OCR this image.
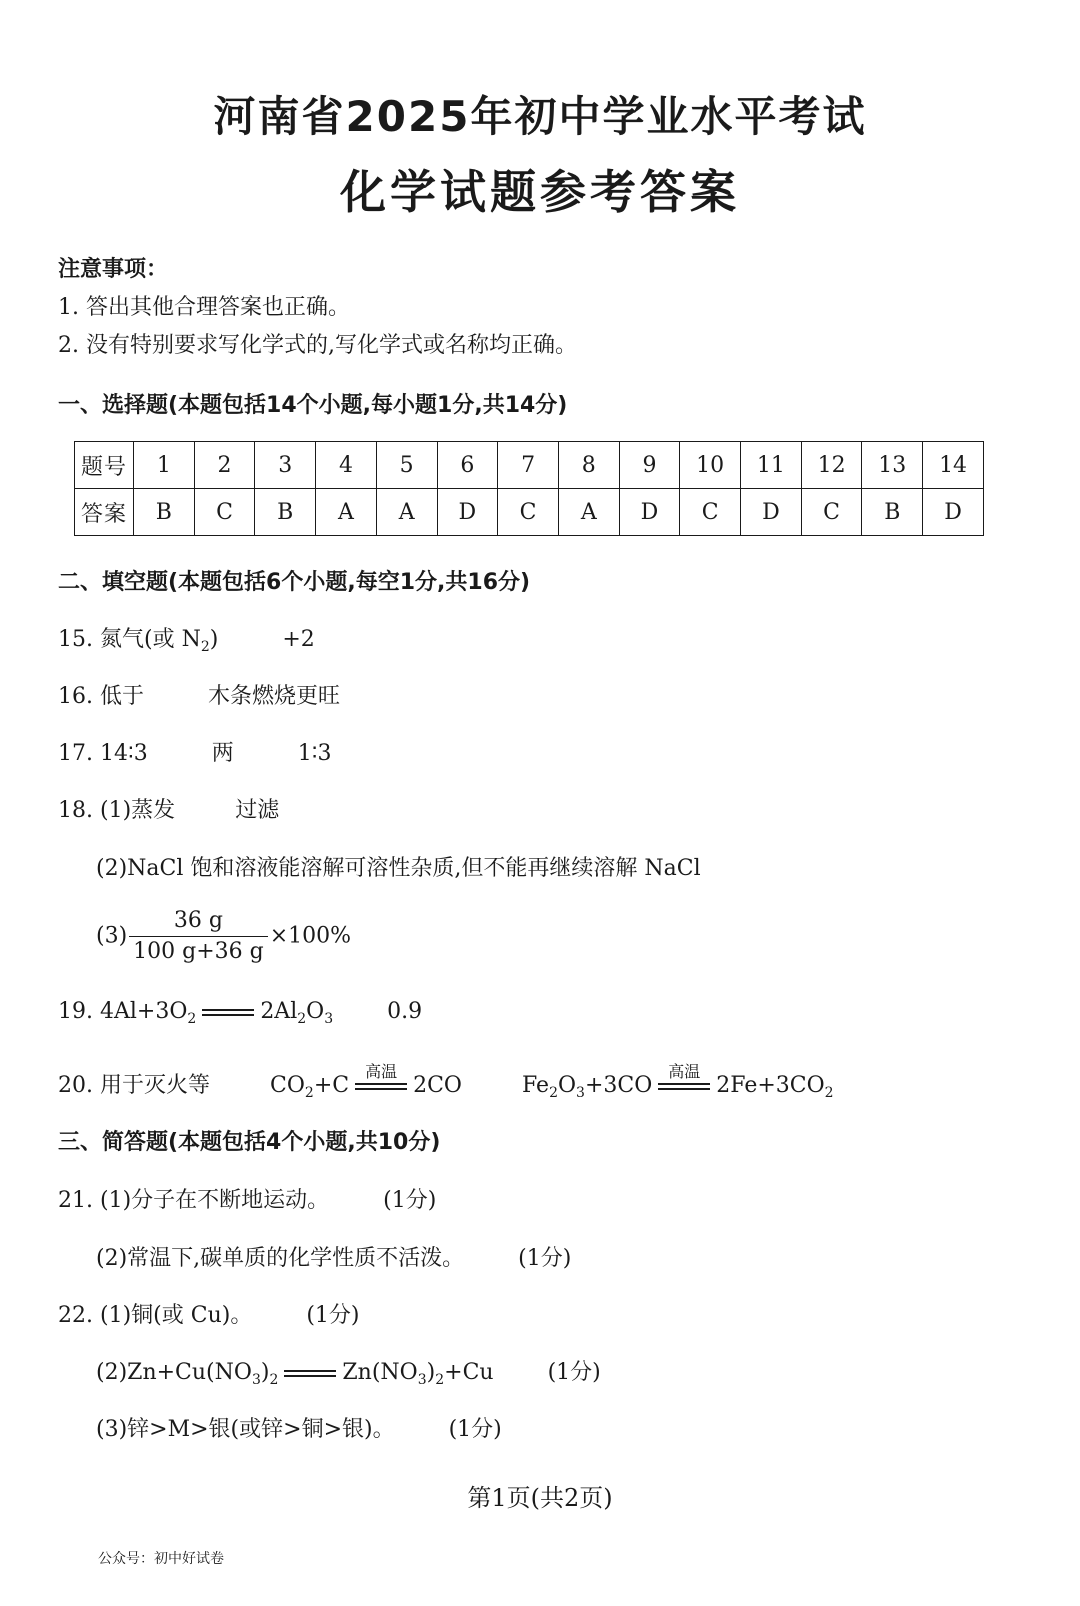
河南省2025年初中学业水平考试
化学试题参考答案
注意事项：
1. 答出其他合理答案也正确。
2. 没有特别要求写化学式的,写化学式或名称均正确。
一、选择题(本题包括14个小题,每小题1分,共14分)
题号	1	2	3	4	5	6	7	8	9	10	11	12	13	14
答案	B	C	B	A	A	D	C	A	D	C	D	C	B	D
二、填空题(本题包括6个小题,每空1分,共16分)
15. 氮气(或 $N_2$)	+2
16. 低于	木条燃烧更旺
17. 14∶3	两	1∶3
18. (1)蒸发	过滤
(2)NaCl 饱和溶液能溶解可溶性杂质,但不能再继续溶解 NaCl
$(3) \frac{36 g}{100 g+36 g} \times 100\%$
19. $4Al+3O_2$	$2Al_2O_3$ 0.9
20. 用于灭火等	$CO_2+C$
高温
2CO	$Fe_2O_3+3CO$
高温
$2Fe+3CO_2$
三、简答题(本题包括4个小题,共10分)
21. (1)分子在不断地运动。 (1分)
(2)常温下,碳单质的化学性质不活泼。 (1分)
22. (1)铜(或 Cu)。 (1分)
$(2)Zn+Cu(NO_3)_2$	$Zn(NO_3)_2+Cu$ (1分)
(3)锌>M>银(或锌>铜>银)。 (1分)
第1页(共2页)
公众号：初中好试卷
